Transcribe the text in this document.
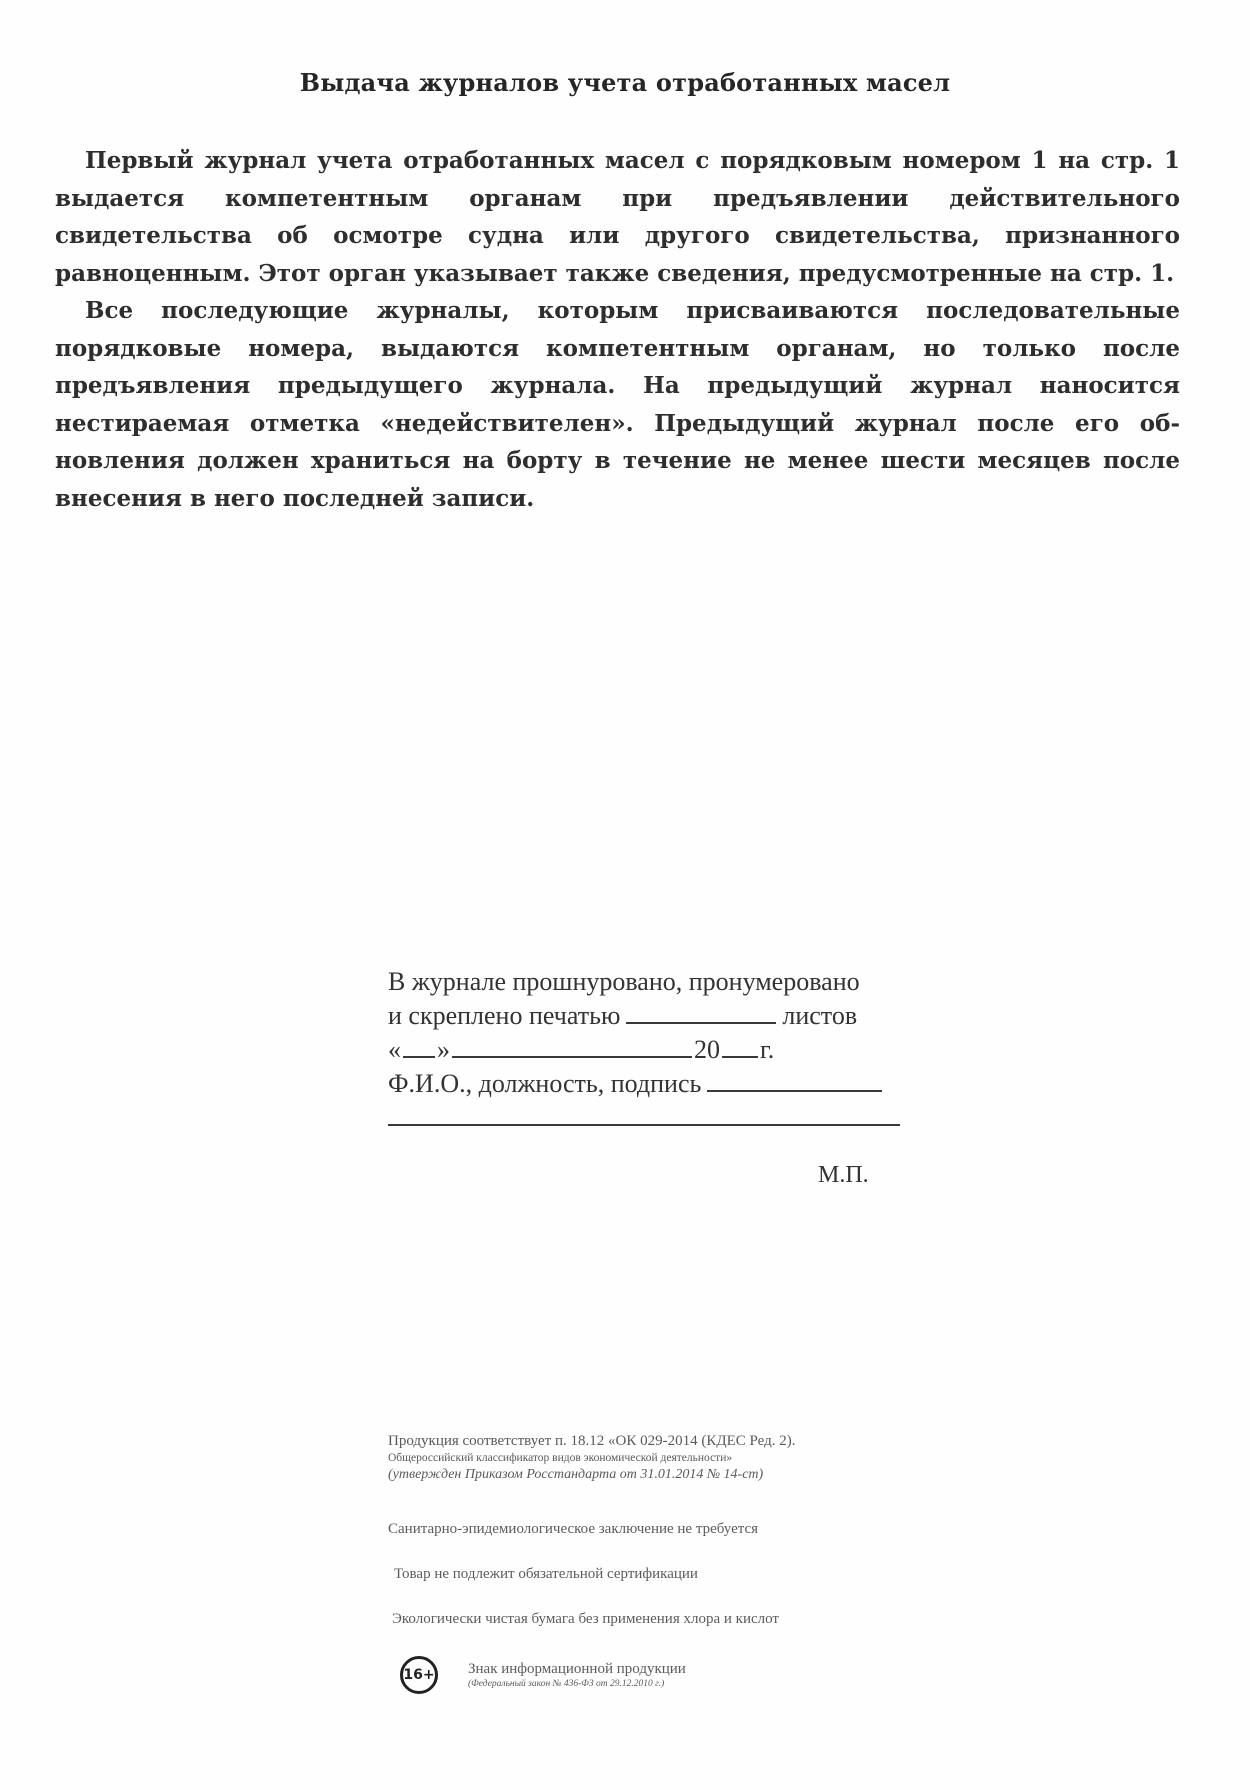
Выдача журналов учета отработанных масел

Первый журнал учета отработанных масел с порядковым номером 1 на стр. 1 выдается компетентным органам при предъявлении действительного свидетельства об осмотре судна или другого свидетельства, признанного равноценным. Этот орган указывает также сведения, предусмотренные на стр. 1.

Все последующие журналы, которым присваиваются последовательные порядковые номера, выдаются компетентным органам, но только после предъявления предыдущего журнала. На предыдущий журнал наносится нестираемая отметка «недействителен». Предыдущий журнал после его обновления должен храниться на борту в течение не менее шести месяцев после внесения в него последней записи.

В журнале прошнуровано, пронумеровано
и скреплено печатью	листов
« »	20 г.
Ф.И.О., должность, подпись

М.П.

Продукция соответствует п. 18.12 «ОК 029-2014 (КДЕС Ред. 2).
Общероссийский классификатор видов экономической деятельности»
(утвержден Приказом Росстандарта от 31.01.2014 № 14-ст)

Санитарно-эпидемиологическое заключение не требуется

Товар не подлежит обязательной сертификации

Экологически чистая бумага без применения хлора и кислот

16+ Знак информационной продукции
(Федеральный закон № 436-ФЗ от 29.12.2010 г.)
